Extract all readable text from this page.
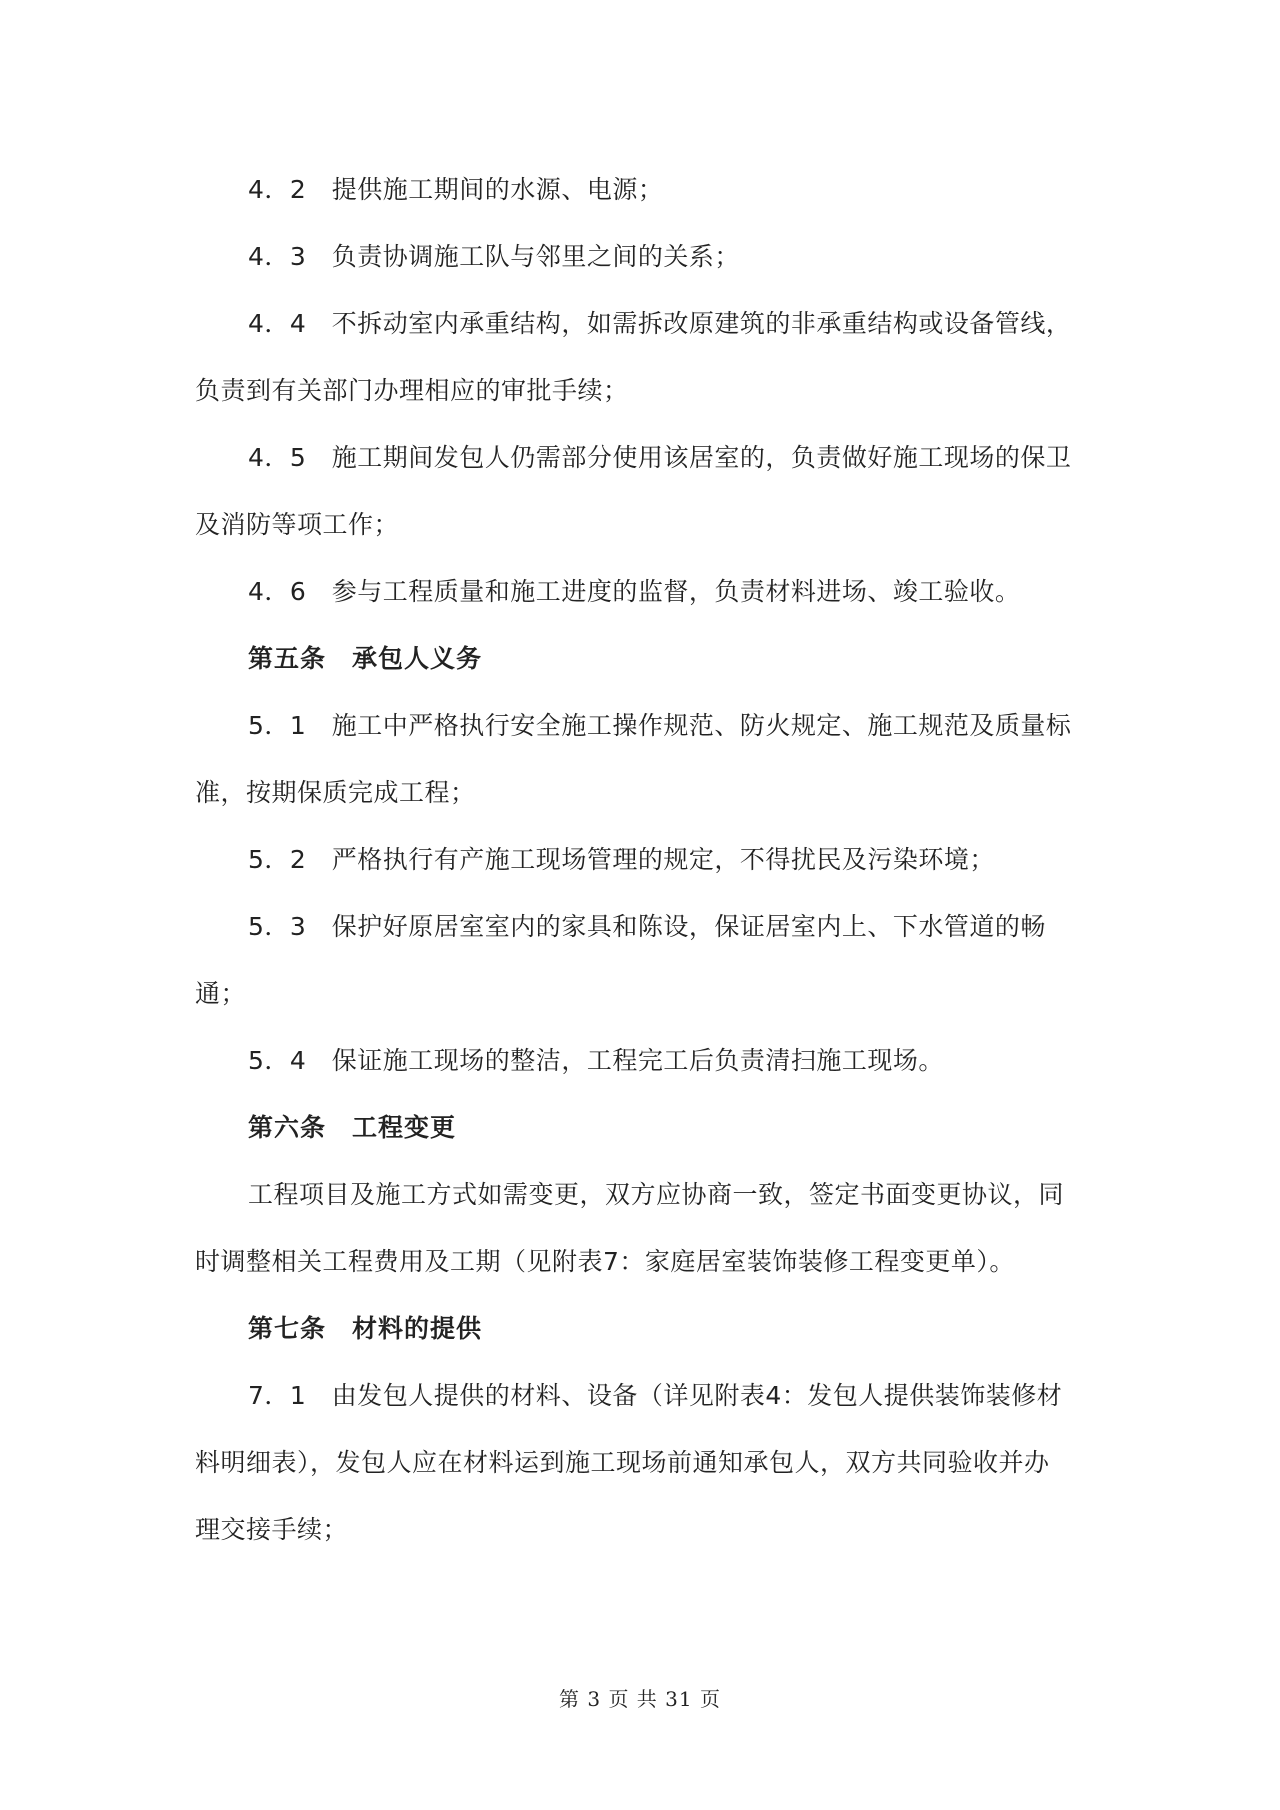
4．2　提供施工期间的水源、电源；
4．3　负责协调施工队与邻里之间的关系；
4．4　不拆动室内承重结构，如需拆改原建筑的非承重结构或设备管线，
负责到有关部门办理相应的审批手续；
4．5　施工期间发包人仍需部分使用该居室的，负责做好施工现场的保卫
及消防等项工作；
4．6　参与工程质量和施工进度的监督，负责材料进场、竣工验收。
第五条　承包人义务
5．1　施工中严格执行安全施工操作规范、防火规定、施工规范及质量标
准，按期保质完成工程；
5．2　严格执行有产施工现场管理的规定，不得扰民及污染环境；
5．3　保护好原居室室内的家具和陈设，保证居室内上、下水管道的畅
通；
5．4　保证施工现场的整洁，工程完工后负责清扫施工现场。
第六条　工程变更
工程项目及施工方式如需变更，双方应协商一致，签定书面变更协议，同
时调整相关工程费用及工期（见附表7：家庭居室装饰装修工程变更单）。
第七条　材料的提供
7．1　由发包人提供的材料、设备（详见附表4：发包人提供装饰装修材
料明细表），发包人应在材料运到施工现场前通知承包人，双方共同验收并办
理交接手续；
第 3 页 共 31 页
